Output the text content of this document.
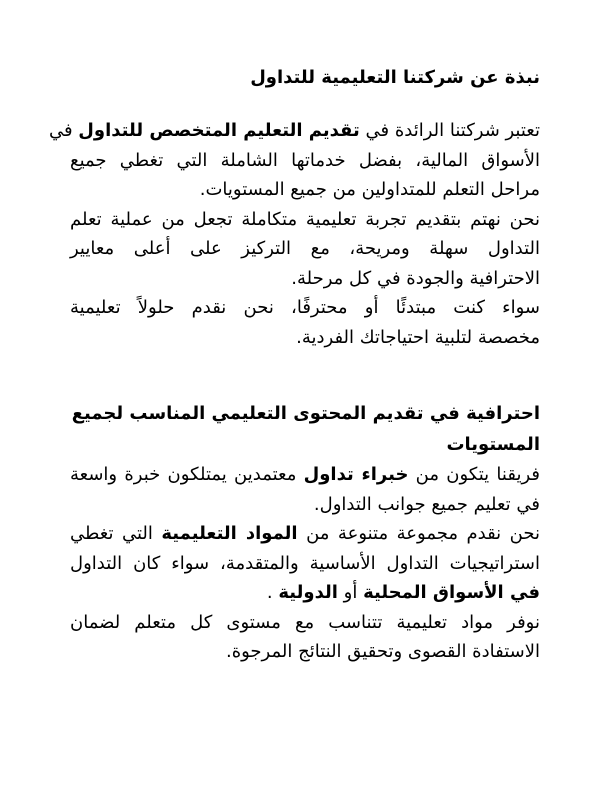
نبذة عن شركتنا التعليمية للتداول

تعتبر شركتنا الرائدة في تقديم التعليم المتخصص للتداول في

الأسواق المالية، بفضل خدماتها الشاملة التي تغطي جميع

مراحل التعلم للمتداولين من جميع المستويات.

نحن نهتم بتقديم تجربة تعليمية متكاملة تجعل من عملية تعلم

التداول سهلة ومريحة، مع التركيز على أعلى معايير

الاحترافية والجودة في كل مرحلة.

سواء كنت مبتدئًا أو محترفًا، نحن نقدم حلولاً تعليمية

مخصصة لتلبية احتياجاتك الفردية.

احترافية في تقديم المحتوى التعليمي المناسب لجميع

المستويات

فريقنا يتكون من خبراء تداول معتمدين يمتلكون خبرة واسعة

في تعليم جميع جوانب التداول.

نحن نقدم مجموعة متنوعة من المواد التعليمية التي تغطي

استراتيجيات التداول الأساسية والمتقدمة، سواء كان التداول

في الأسواق المحلية أو الدولية .

نوفر مواد تعليمية تتناسب مع مستوى كل متعلم لضمان

الاستفادة القصوى وتحقيق النتائج المرجوة.
